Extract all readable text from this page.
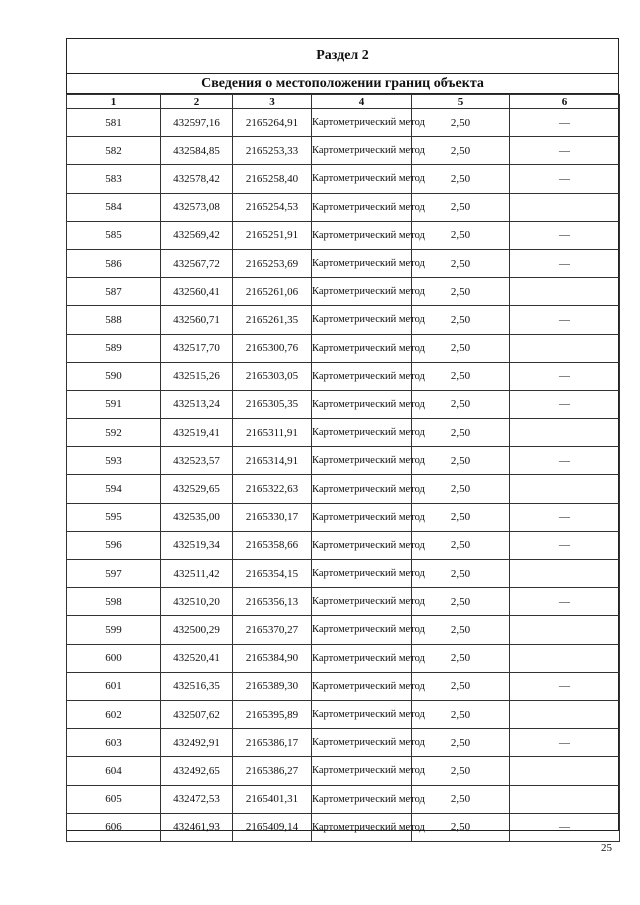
Раздел 2
Сведения о местоположении границ объекта
1	2	3	4	5	6
581	432597,16	2165264,91	Картометрический метод	2,50	—
582	432584,85	2165253,33	Картометрический метод	2,50	—
583	432578,42	2165258,40	Картометрический метод	2,50	—
584	432573,08	2165254,53	Картометрический метод	2,50	
585	432569,42	2165251,91	Картометрический метод	2,50	—
586	432567,72	2165253,69	Картометрический метод	2,50	—
587	432560,41	2165261,06	Картометрический метод	2,50	
588	432560,71	2165261,35	Картометрический метод	2,50	—
589	432517,70	2165300,76	Картометрический метод	2,50	
590	432515,26	2165303,05	Картометрический метод	2,50	—
591	432513,24	2165305,35	Картометрический метод	2,50	—
592	432519,41	2165311,91	Картометрический метод	2,50	
593	432523,57	2165314,91	Картометрический метод	2,50	—
594	432529,65	2165322,63	Картометрический метод	2,50	
595	432535,00	2165330,17	Картометрический метод	2,50	—
596	432519,34	2165358,66	Картометрический метод	2,50	—
597	432511,42	2165354,15	Картометрический метод	2,50	
598	432510,20	2165356,13	Картометрический метод	2,50	—
599	432500,29	2165370,27	Картометрический метод	2,50	
600	432520,41	2165384,90	Картометрический метод	2,50	
601	432516,35	2165389,30	Картометрический метод	2,50	—
602	432507,62	2165395,89	Картометрический метод	2,50	
603	432492,91	2165386,17	Картометрический метод	2,50	—
604	432492,65	2165386,27	Картометрический метод	2,50	
605	432472,53	2165401,31	Картометрический метод	2,50	
606	432461,93	2165409,14	Картометрический метод	2,50	—
25
